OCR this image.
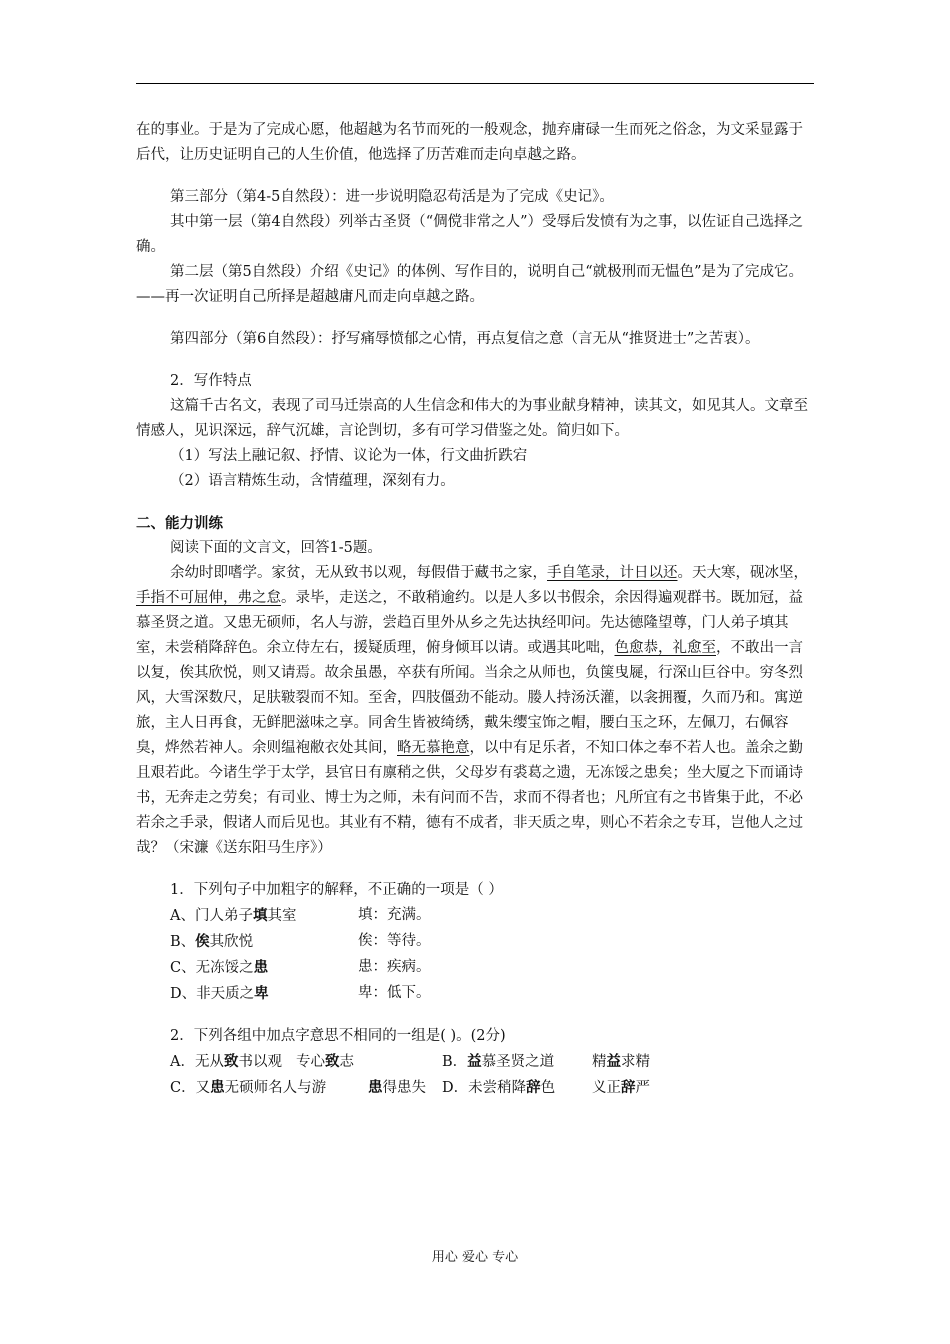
在的事业。于是为了完成心愿，他超越为名节而死的一般观念，抛弃庸碌一生而死之俗念，为文采显露于后代，让历史证明自己的人生价值，他选择了历苦难而走向卓越之路。

第三部分（第4-5自然段）：进一步说明隐忍苟活是为了完成《史记》。

其中第一层（第4自然段）列举古圣贤（“倜傥非常之人”）受辱后发愤有为之事，以佐证自己选择之确。

第二层（第5自然段）介绍《史记》的体例、写作目的，说明自己“就极刑而无愠色”是为了完成它。——再一次证明自己所择是超越庸凡而走向卓越之路。

第四部分（第6自然段）：抒写痛辱愤郁之心情，再点复信之意（言无从“推贤进士”之苦衷）。

2．写作特点

这篇千古名文，表现了司马迁崇高的人生信念和伟大的为事业献身精神，读其文，如见其人。文章至情感人，见识深远，辞气沉雄，言论剀切，多有可学习借鉴之处。简归如下。

（1）写法上融记叙、抒情、议论为一体，行文曲折跌宕

（2）语言精炼生动，含情蕴理，深刻有力。

二、能力训练

阅读下面的文言文，回答1-5题。

余幼时即嗜学。家贫，无从致书以观，每假借于藏书之家，手自笔录，计日以还。天大寒，砚冰坚，手指不可屈伸，弗之怠。录毕，走送之，不敢稍逾约。以是人多以书假余，余因得遍观群书。既加冠，益慕圣贤之道。又患无硕师，名人与游，尝趋百里外从乡之先达执经叩问。先达德隆望尊，门人弟子填其室，未尝稍降辞色。余立侍左右，援疑质理，俯身倾耳以请。或遇其叱咄，色愈恭，礼愈至，不敢出一言以复，俟其欣悦，则又请焉。故余虽愚，卒获有所闻。当余之从师也，负箧曳屣，行深山巨谷中。穷冬烈风，大雪深数尺，足肤皲裂而不知。至舍，四肢僵劲不能动。媵人持汤沃灌，以衾拥覆，久而乃和。寓逆旅，主人日再食，无鲜肥滋味之享。同舍生皆被绮绣，戴朱缨宝饰之帽，腰白玉之环，左佩刀，右佩容臭，烨然若神人。余则缊袍敝衣处其间，略无慕艳意，以中有足乐者，不知口体之奉不若人也。盖余之勤且艰若此。今诸生学于太学，县官日有廪稍之供，父母岁有裘葛之遗，无冻馁之患矣；坐大厦之下而诵诗书，无奔走之劳矣；有司业、博士为之师，未有问而不告，求而不得者也；凡所宜有之书皆集于此，不必若余之手录，假诸人而后见也。其业有不精，德有不成者，非天质之卑，则心不若余之专耳，岂他人之过哉？（宋濂《送东阳马生序》）

1．下列句子中加粗字的解释，不正确的一项是（ ）

A、门人弟子填其室	填：充满。
B、俟其欣悦	俟：等待。
C、无冻馁之患	患：疾病。
D、非天质之卑	卑：低下。

2．下列各组中加点字意思不相同的一组是( )。(2分)

A．无从致书以观 专心致志	B．益慕圣贤之道	精益求精
C．又患无硕师名人与游	患得患失	D．未尝稍降辞色	义正辞严
用心 爱心 专心
